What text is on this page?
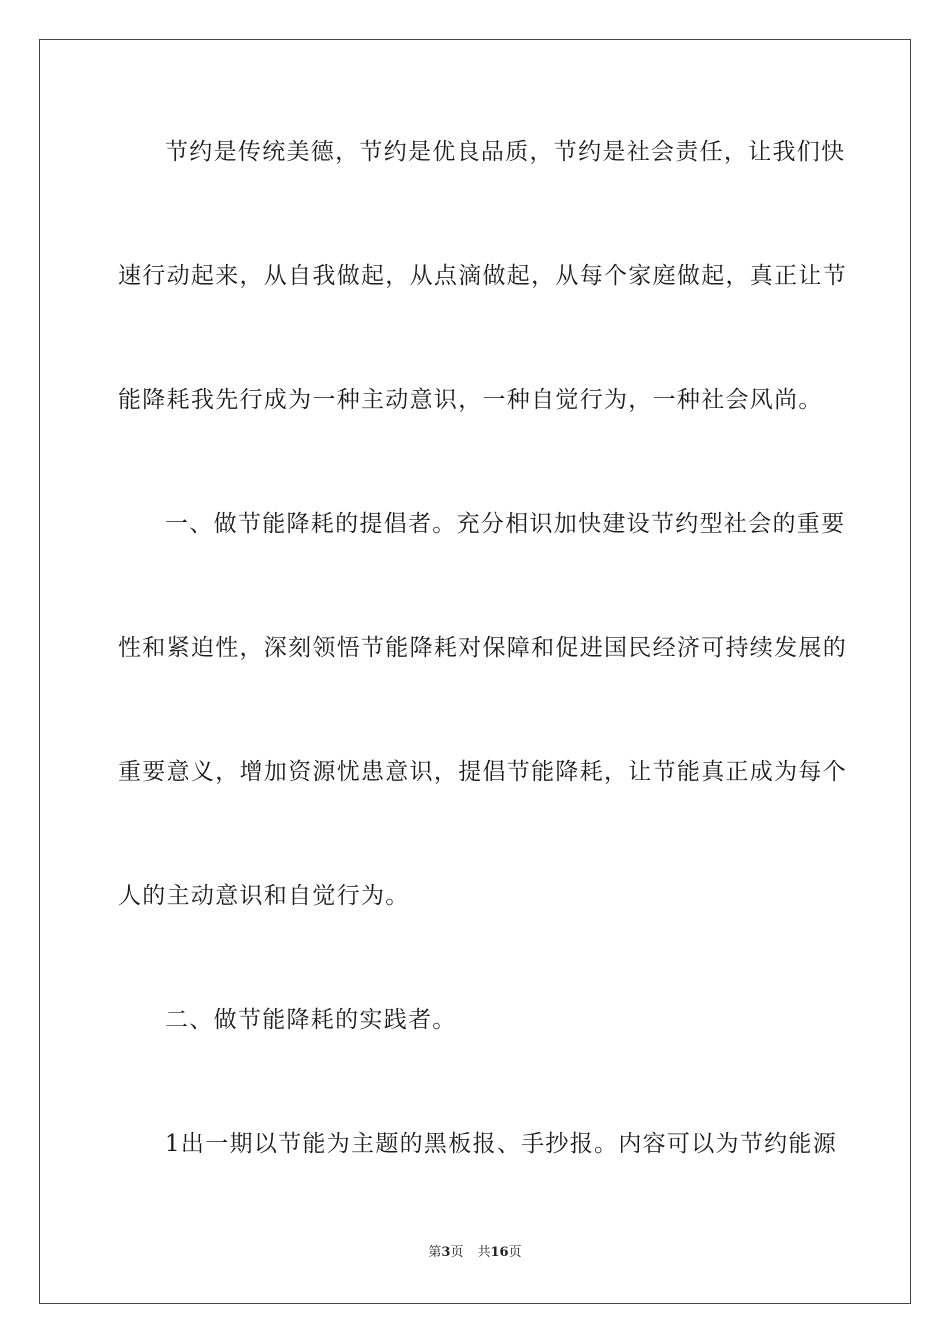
节约是传统美德，节约是优良品质，节约是社会责任，让我们快
速行动起来，从自我做起，从点滴做起，从每个家庭做起，真正让节
能降耗我先行成为一种主动意识，一种自觉行为，一种社会风尚。
一、做节能降耗的提倡者。充分相识加快建设节约型社会的重要
性和紧迫性，深刻领悟节能降耗对保障和促进国民经济可持续发展的
重要意义，增加资源忧患意识，提倡节能降耗，让节能真正成为每个
人的主动意识和自觉行为。
二、做节能降耗的实践者。
1出一期以节能为主题的黑板报、手抄报。内容可以为节约能源
第3页 共16页
